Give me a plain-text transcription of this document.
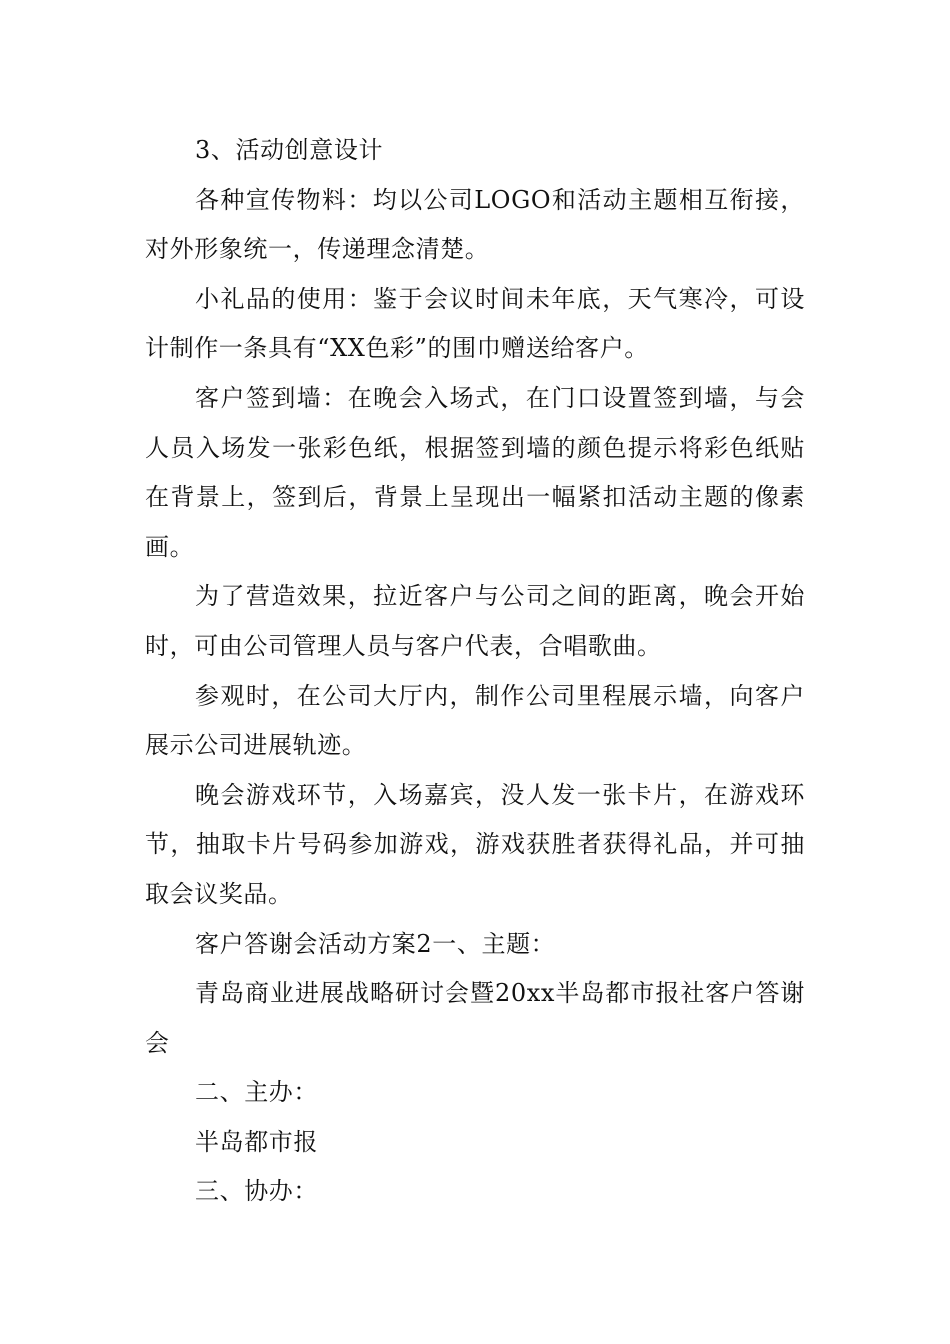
3、活动创意设计

各种宣传物料：均以公司LOGO和活动主题相互衔接，对外形象统一，传递理念清楚。

小礼品的使用：鉴于会议时间未年底，天气寒冷，可设计制作一条具有“XX色彩”的围巾赠送给客户。

客户签到墙：在晚会入场式，在门口设置签到墙，与会人员入场发一张彩色纸，根据签到墙的颜色提示将彩色纸贴在背景上，签到后，背景上呈现出一幅紧扣活动主题的像素画。

为了营造效果，拉近客户与公司之间的距离，晚会开始时，可由公司管理人员与客户代表，合唱歌曲。

参观时，在公司大厅内，制作公司里程展示墙，向客户展示公司进展轨迹。

晚会游戏环节，入场嘉宾，没人发一张卡片，在游戏环节，抽取卡片号码参加游戏，游戏获胜者获得礼品，并可抽取会议奖品。

客户答谢会活动方案2一、主题：

青岛商业进展战略研讨会暨20xx半岛都市报社客户答谢会

二、主办：

半岛都市报

三、协办：
